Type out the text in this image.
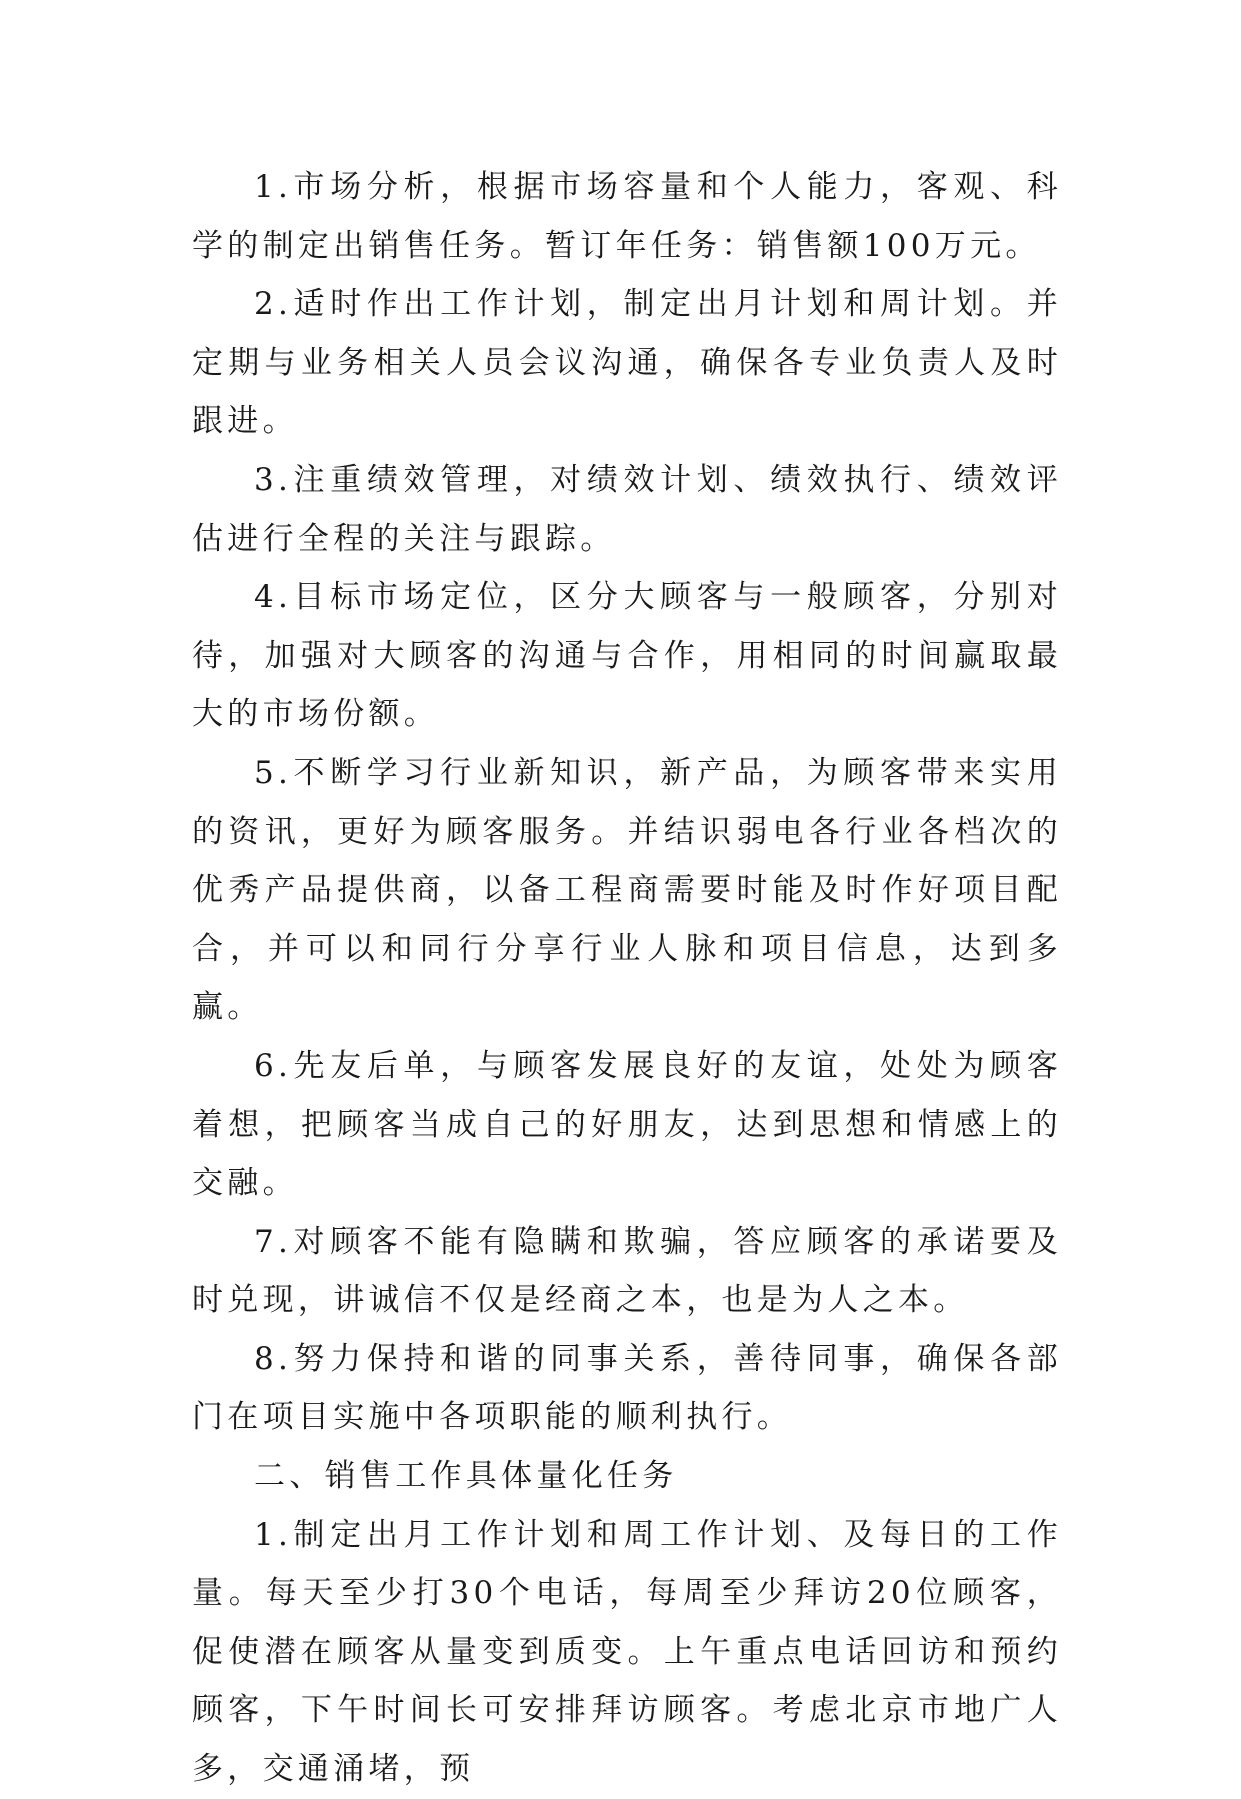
1.市场分析，根据市场容量和个人能力，客观、科学的制定出销售任务。暂订年任务：销售额100万元。

2.适时作出工作计划，制定出月计划和周计划。并定期与业务相关人员会议沟通，确保各专业负责人及时跟进。

3.注重绩效管理，对绩效计划、绩效执行、绩效评估进行全程的关注与跟踪。

4.目标市场定位，区分大顾客与一般顾客，分别对待，加强对大顾客的沟通与合作，用相同的时间赢取最大的市场份额。

5.不断学习行业新知识，新产品，为顾客带来实用的资讯，更好为顾客服务。并结识弱电各行业各档次的优秀产品提供商，以备工程商需要时能及时作好项目配合，并可以和同行分享行业人脉和项目信息，达到多赢。

6.先友后单，与顾客发展良好的友谊，处处为顾客着想，把顾客当成自己的好朋友，达到思想和情感上的交融。

7.对顾客不能有隐瞒和欺骗，答应顾客的承诺要及时兑现，讲诚信不仅是经商之本，也是为人之本。

8.努力保持和谐的同事关系，善待同事，确保各部门在项目实施中各项职能的顺利执行。

二、销售工作具体量化任务

1.制定出月工作计划和周工作计划、及每日的工作量。每天至少打30个电话，每周至少拜访20位顾客，促使潜在顾客从量变到质变。上午重点电话回访和预约顾客，下午时间长可安排拜访顾客。考虑北京市地广人多，交通涌堵，预
